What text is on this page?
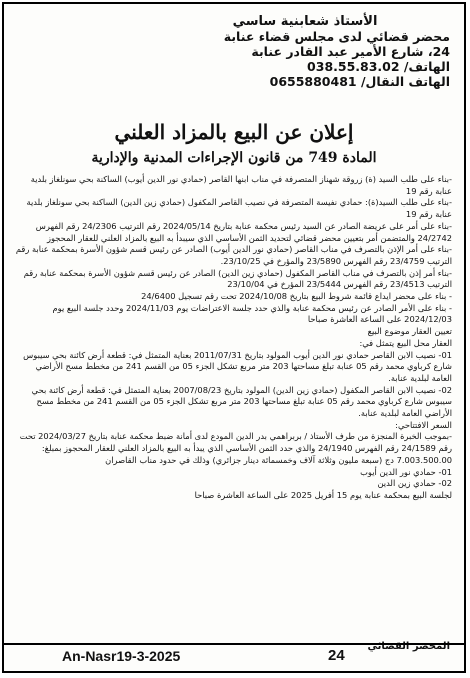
الأستاذ شعابنية ساسي
محضر قضائي لدى مجلس قضاء عنابة
24، شارع الأمير عبد القادر عنابة
الهاتف/ 038.55.83.02
الهاتف النقال/ 0655880481
إعلان عن البيع بالمزاد العلني
المادة 749 من قانون الإجراءات المدنية والإدارية

-بناء على طلب السيد (ة) زروقة شهناز المتصرفة في مناب ابنها القاصر (حمادي نور الدين أيوب) الساكنة بحي سونلغاز بلدية عنابة رقم 19

-بناء على طلب السيد(ة): حمادي نفيسة المتصرفة في نصيب القاصر المكفول (حمادي زين الدين) الساكنة بحي سونلغاز بلدية عنابة رقم 19

-بناء على أمر على عريضة الصادر عن السيد رئيس محكمة عنابة بتاريخ 2024/05/14 رقم الترتيب 24/2306 رقم الفهرس 24/2742 والمتضمن أمر بتعيين محضر قضائي لتحديد الثمن الأساسي الذي سيبدأ به البيع بالمزاد العلني للعقار المحجوز

-بناء على أمر الإذن بالتصرف في مناب القاصر (حمادي نور الدين أيوب) الصادر عن رئيس قسم شؤون الأسرة بمحكمة عنابة رقم الترتيب 23/4759 رقم الفهرس 23/5890 والمؤرخ في 23/10/25.

-بناء أمر إذن بالتصرف في مناب القاصر المكفول (حمادي زين الدين) الصادر عن رئيس قسم شؤون الأسرة بمحكمة عنابة رقم الترتيب 23/4513 رقم الفهرس 23/5444 المؤرخ في 23/10/04

- بناء على محضر ايداع قائمة شروط البيع بتاريخ 2024/10/08 تحت رقم تسجيل 24/6400

- بناء على الأمر الصادر عن رئيس محكمة عنابة والذي حدد جلسة الاعتراضات يوم 2024/11/03 وحدد جلسة البيع يوم 2024/12/03 على الساعة العاشرة صباحا

تعيين العقار موضوع البيع

العقار محل البيع يتمثل في:

01- نصيب الابن القاصر حمادي نور الدين أيوب المولود بتاريخ 2011/07/31 بعناية المتمثل في: قطعة أرض كائنة بحي سيبوس شارع كرباوي محمد رقم 05 عنابة تبلغ مساحتها 203 متر مربع تشكل الجزء 05 من القسم 241 من مخطط مسح الأراضي العامة لبلدية عنابة.

02- نصيب الابن القاصر المكفول (حمادي زين الدين) المولود بتاريخ 2007/08/23 بعناية المتمثل في: قطعة أرض كائنة بحي سيبوس شارع كرباوي محمد رقم 05 عنابة تبلغ مساحتها 203 متر مربع تشكل الجزء 05 من القسم 241 من مخطط مسح الأراضي العامة لبلدية عنابة.

السعر الافتتاحي:

-بموجب الخبرة المنجزة من طرف الأستاذ / بربراهمي بدر الدين المودع لدى أمانة ضبط محكمة عنابة بتاريخ 2024/03/27 تحت رقم 24/1589 رقم الفهرس 24/1940 والذي حدد الثمن الأساسي الذي يبدأ به البيع بالمزاد العلني للعقار المحجوز بمبلغ: 7.003.500.00 دج (سبعة مليون وثلاثة آلاف وخمسمائة دينار جزائري) وذلك في حدود مناب القاصران

01- حمادي نور الدين أيوب

02- حمادي زين الدين

لجلسة البيع بمحكمة عنابة يوم 15 أفريل 2025 على الساعة العاشرة صباحا

المحضر القضائي
An-Nasr19-3-2025	24
